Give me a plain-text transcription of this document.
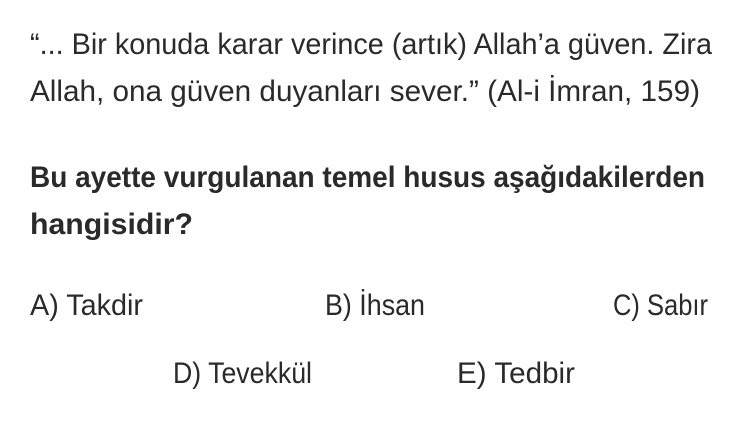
“... Bir konuda karar verince (artık) Allah’a güven. Zira
Allah, ona güven duyanları sever.” (Al-i İmran, 159)
Bu ayette vurgulanan temel husus aşağıdakilerden
hangisidir?
A) Takdir	B) İhsan	C) Sabır
D) Tevekkül	E) Tedbir
